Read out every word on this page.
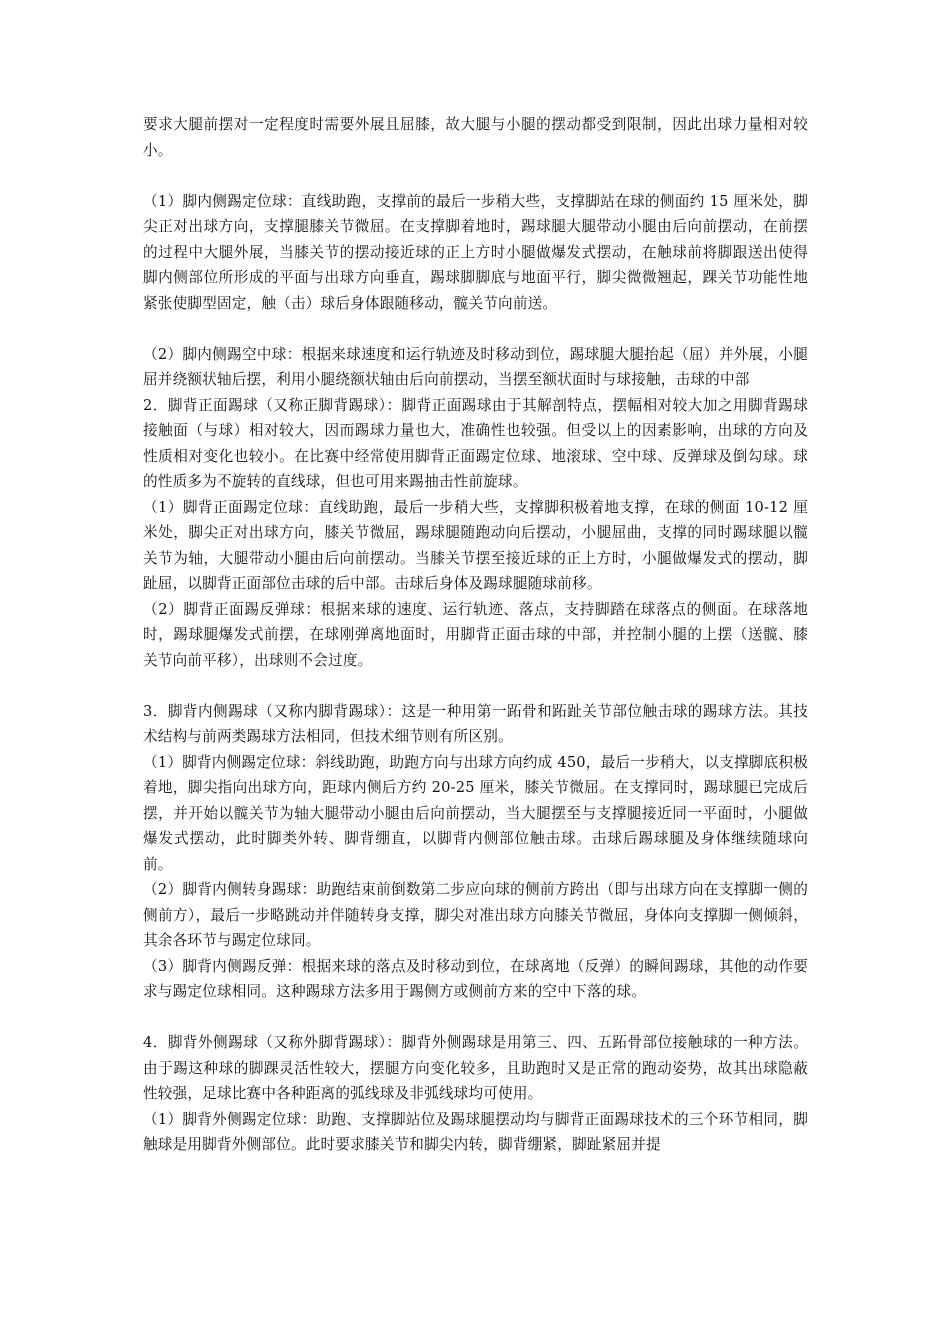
要求大腿前摆对一定程度时需要外展且屈膝，故大腿与小腿的摆动都受到限制，因此出球力量相对较小。

（1）脚内侧踢定位球：直线助跑，支撑前的最后一步稍大些，支撑脚站在球的侧面约 15 厘米处，脚尖正对出球方向，支撑腿膝关节微屈。在支撑脚着地时，踢球腿大腿带动小腿由后向前摆动，在前摆的过程中大腿外展，当膝关节的摆动接近球的正上方时小腿做爆发式摆动，在触球前将脚跟送出使得脚内侧部位所形成的平面与出球方向垂直，踢球脚脚底与地面平行，脚尖微微翘起，踝关节功能性地紧张使脚型固定，触（击）球后身体跟随移动，髋关节向前送。

（2）脚内侧踢空中球：根据来球速度和运行轨迹及时移动到位，踢球腿大腿抬起（屈）并外展，小腿屈并绕额状轴后摆，利用小腿绕额状轴由后向前摆动，当摆至额状面时与球接触，击球的中部

2．脚背正面踢球（又称正脚背踢球）：脚背正面踢球由于其解剖特点，摆幅相对较大加之用脚背踢球接触面（与球）相对较大，因而踢球力量也大，准确性也较强。但受以上的因素影响，出球的方向及性质相对变化也较小。在比赛中经常使用脚背正面踢定位球、地滚球、空中球、反弹球及倒勾球。球的性质多为不旋转的直线球，但也可用来踢抽击性前旋球。

（1）脚背正面踢定位球：直线助跑，最后一步稍大些，支撑脚积极着地支撑，在球的侧面 10-12 厘米处，脚尖正对出球方向，膝关节微屈，踢球腿随跑动向后摆动，小腿屈曲，支撑的同时踢球腿以髋关节为轴，大腿带动小腿由后向前摆动。当膝关节摆至接近球的正上方时，小腿做爆发式的摆动，脚趾屈，以脚背正面部位击球的后中部。击球后身体及踢球腿随球前移。

（2）脚背正面踢反弹球：根据来球的速度、运行轨迹、落点，支持脚踏在球落点的侧面。在球落地时，踢球腿爆发式前摆，在球刚弹离地面时，用脚背正面击球的中部，并控制小腿的上摆（送髋、膝关节向前平移），出球则不会过度。

3．脚背内侧踢球（又称内脚背踢球）：这是一种用第一跖骨和跖趾关节部位触击球的踢球方法。其技术结构与前两类踢球方法相同，但技术细节则有所区别。

（1）脚背内侧踢定位球：斜线助跑，助跑方向与出球方向约成 450，最后一步稍大，以支撑脚底积极着地，脚尖指向出球方向，距球内侧后方约 20-25 厘米，膝关节微屈。在支撑同时，踢球腿已完成后摆，并开始以髋关节为轴大腿带动小腿由后向前摆动，当大腿摆至与支撑腿接近同一平面时，小腿做爆发式摆动，此时脚类外转、脚背绷直，以脚背内侧部位触击球。击球后踢球腿及身体继续随球向前。

（2）脚背内侧转身踢球：助跑结束前倒数第二步应向球的侧前方跨出（即与出球方向在支撑脚一侧的侧前方），最后一步略跳动并伴随转身支撑，脚尖对准出球方向膝关节微屈，身体向支撑脚一侧倾斜，其余各环节与踢定位球同。

（3）脚背内侧踢反弹：根据来球的落点及时移动到位，在球离地（反弹）的瞬间踢球，其他的动作要求与踢定位球相同。这种踢球方法多用于踢侧方或侧前方来的空中下落的球。

4．脚背外侧踢球（又称外脚背踢球）：脚背外侧踢球是用第三、四、五跖骨部位接触球的一种方法。由于踢这种球的脚踝灵活性较大，摆腿方向变化较多，且助跑时又是正常的跑动姿势，故其出球隐蔽性较强，足球比赛中各种距离的弧线球及非弧线球均可使用。

（1）脚背外侧踢定位球：助跑、支撑脚站位及踢球腿摆动均与脚背正面踢球技术的三个环节相同，脚触球是用脚背外侧部位。此时要求膝关节和脚尖内转，脚背绷紧，脚趾紧屈并提
